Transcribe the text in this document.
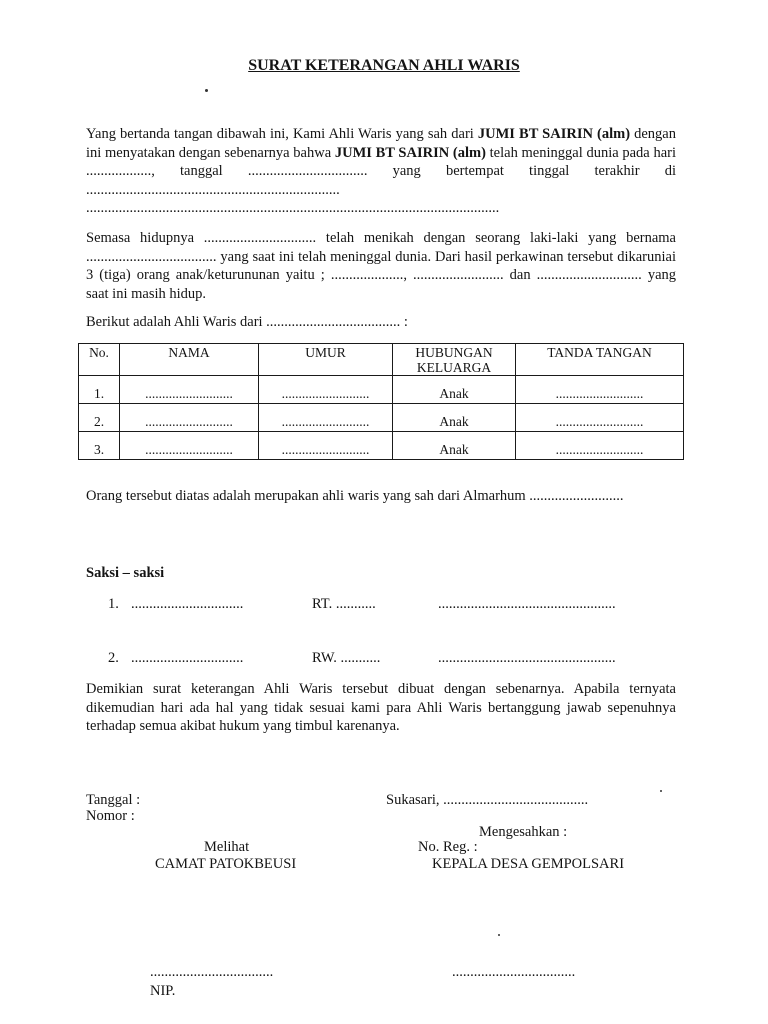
SURAT KETERANGAN AHLI WARIS
Yang bertanda tangan dibawah ini, Kami Ahli Waris yang sah dari JUMI BT SAIRIN (alm) dengan ini menyatakan dengan sebenarnya bahwa JUMI BT SAIRIN (alm) telah meninggal dunia pada hari .................., tanggal ................................. yang bertempat tinggal terakhir di ...................................................................... ..................................................................................................................
Semasa hidupnya ............................... telah menikah dengan seorang laki-laki yang bernama .................................... yang saat ini telah meninggal dunia. Dari hasil perkawinan tersebut dikaruniai 3 (tiga) orang anak/keturununan yaitu ; ...................., ......................... dan ............................. yang saat ini masih hidup.
Berikut adalah Ahli Waris dari ..................................... :
No.	NAMA	UMUR	HUBUNGAN KELUARGA	TANDA TANGAN
1.	..........................	..........................	Anak	..........................
2.	..........................	..........................	Anak	..........................
3.	..........................	..........................	Anak	..........................
Orang tersebut diatas adalah merupakan ahli waris yang sah dari Almarhum ..........................
Saksi – saksi
1. ...............................	RT. ...........	.................................................
2. ...............................	RW. ...........	.................................................
Demikian surat keterangan Ahli Waris tersebut dibuat dengan sebenarnya. Apabila ternyata dikemudian hari ada hal yang tidak sesuai kami para Ahli Waris bertanggung jawab sepenuhnya terhadap semua akibat hukum yang timbul karenanya.
Tanggal :
Nomor :
Sukasari, ........................................
Mengesahkan :
Melihat	No. Reg. :
CAMAT PATOKBEUSI	KEPALA DESA GEMPOLSARI
..................................	..................................
NIP.
